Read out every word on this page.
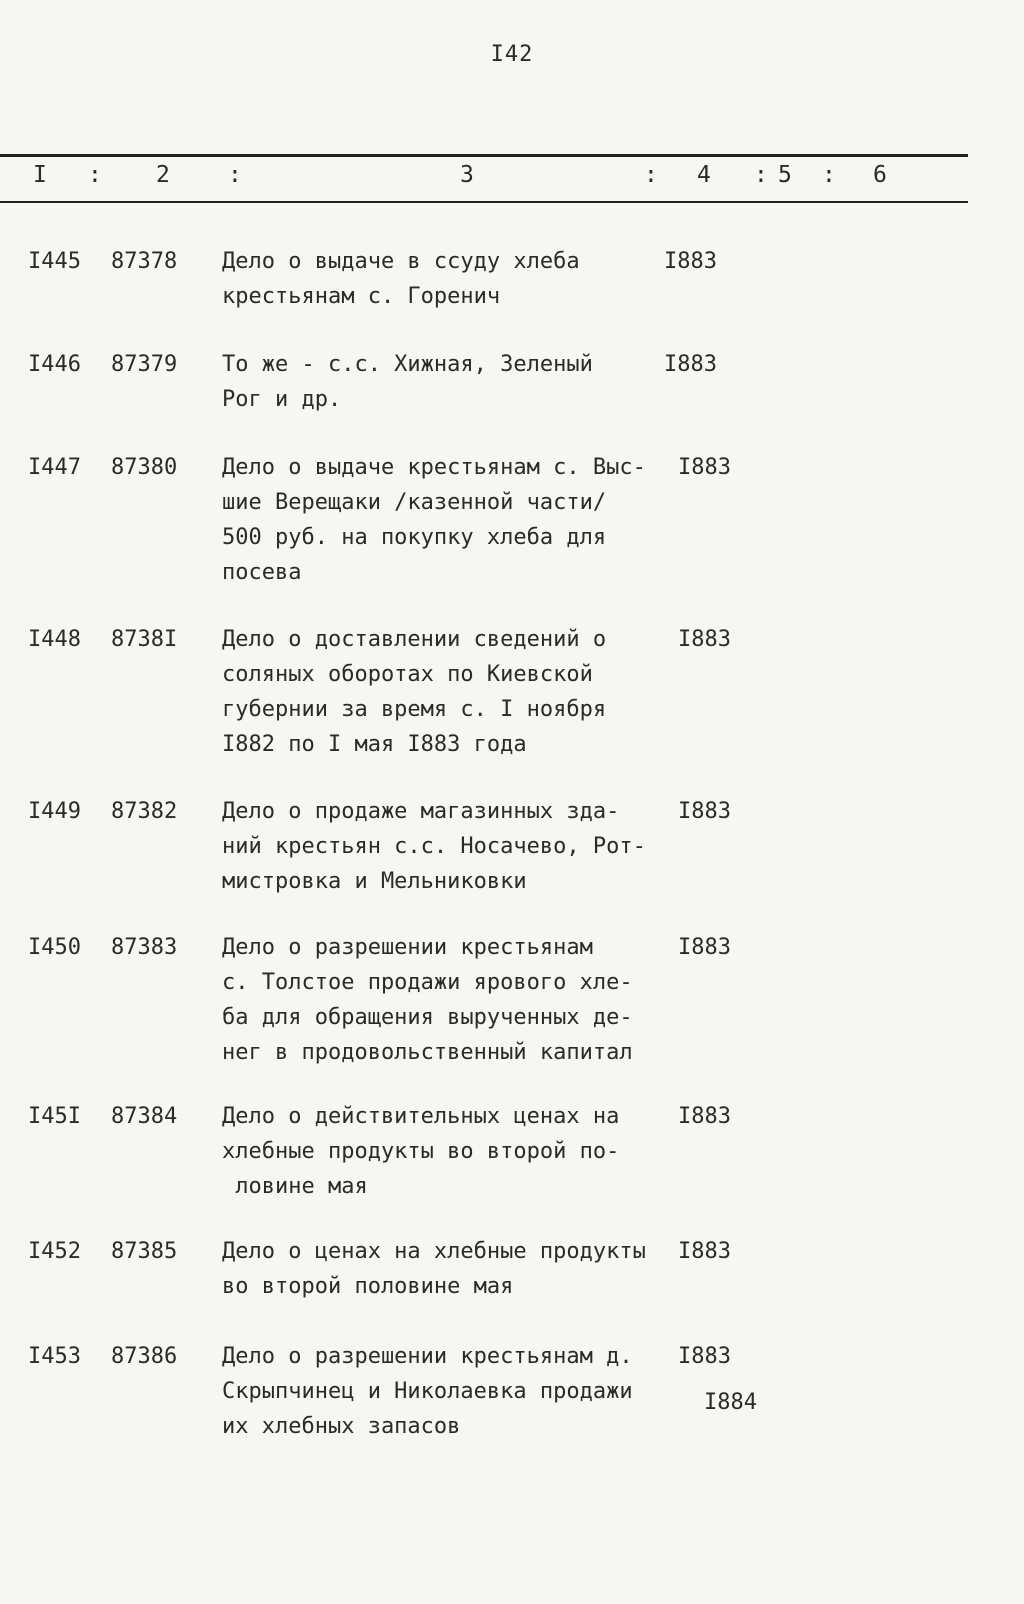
I42
I : 2	:	3	: 4 : 5 : 6
I445 87378 Дело о выдаче в ссуду хлеба
крестьянам с. Горенич
I883
I446 87379 То же - с.с. Хижная, Зеленый
Рог и др.
I883
I447 87380 Дело о выдаче крестьянам с. Выс-
шие Верещаки /казенной части/
500 руб. на покупку хлеба для
посева
I883
I448 8738I Дело о доставлении сведений о
соляных оборотах по Киевской
губернии за время с. I ноября
I882 по I мая I883 года
I883
I449 87382 Дело о продаже магазинных зда-
ний крестьян с.с. Носачево, Рот-
мистровка и Мельниковки
I883
I450 87383 Дело о разрешении крестьянам
с. Толстое продажи ярового хле-
ба для обращения вырученных де-
нег в продовольственный капитал
I883
I45I 87384 Дело о действительных ценах на
хлебные продукты во второй по-
ловине мая
I883
I452 87385 Дело о ценах на хлебные продукты
во второй половине мая
I883
I453 87386 Дело о разрешении крестьянам д.
Скрыпчинец и Николаевка продажи
их хлебных запасов
I883
I884
